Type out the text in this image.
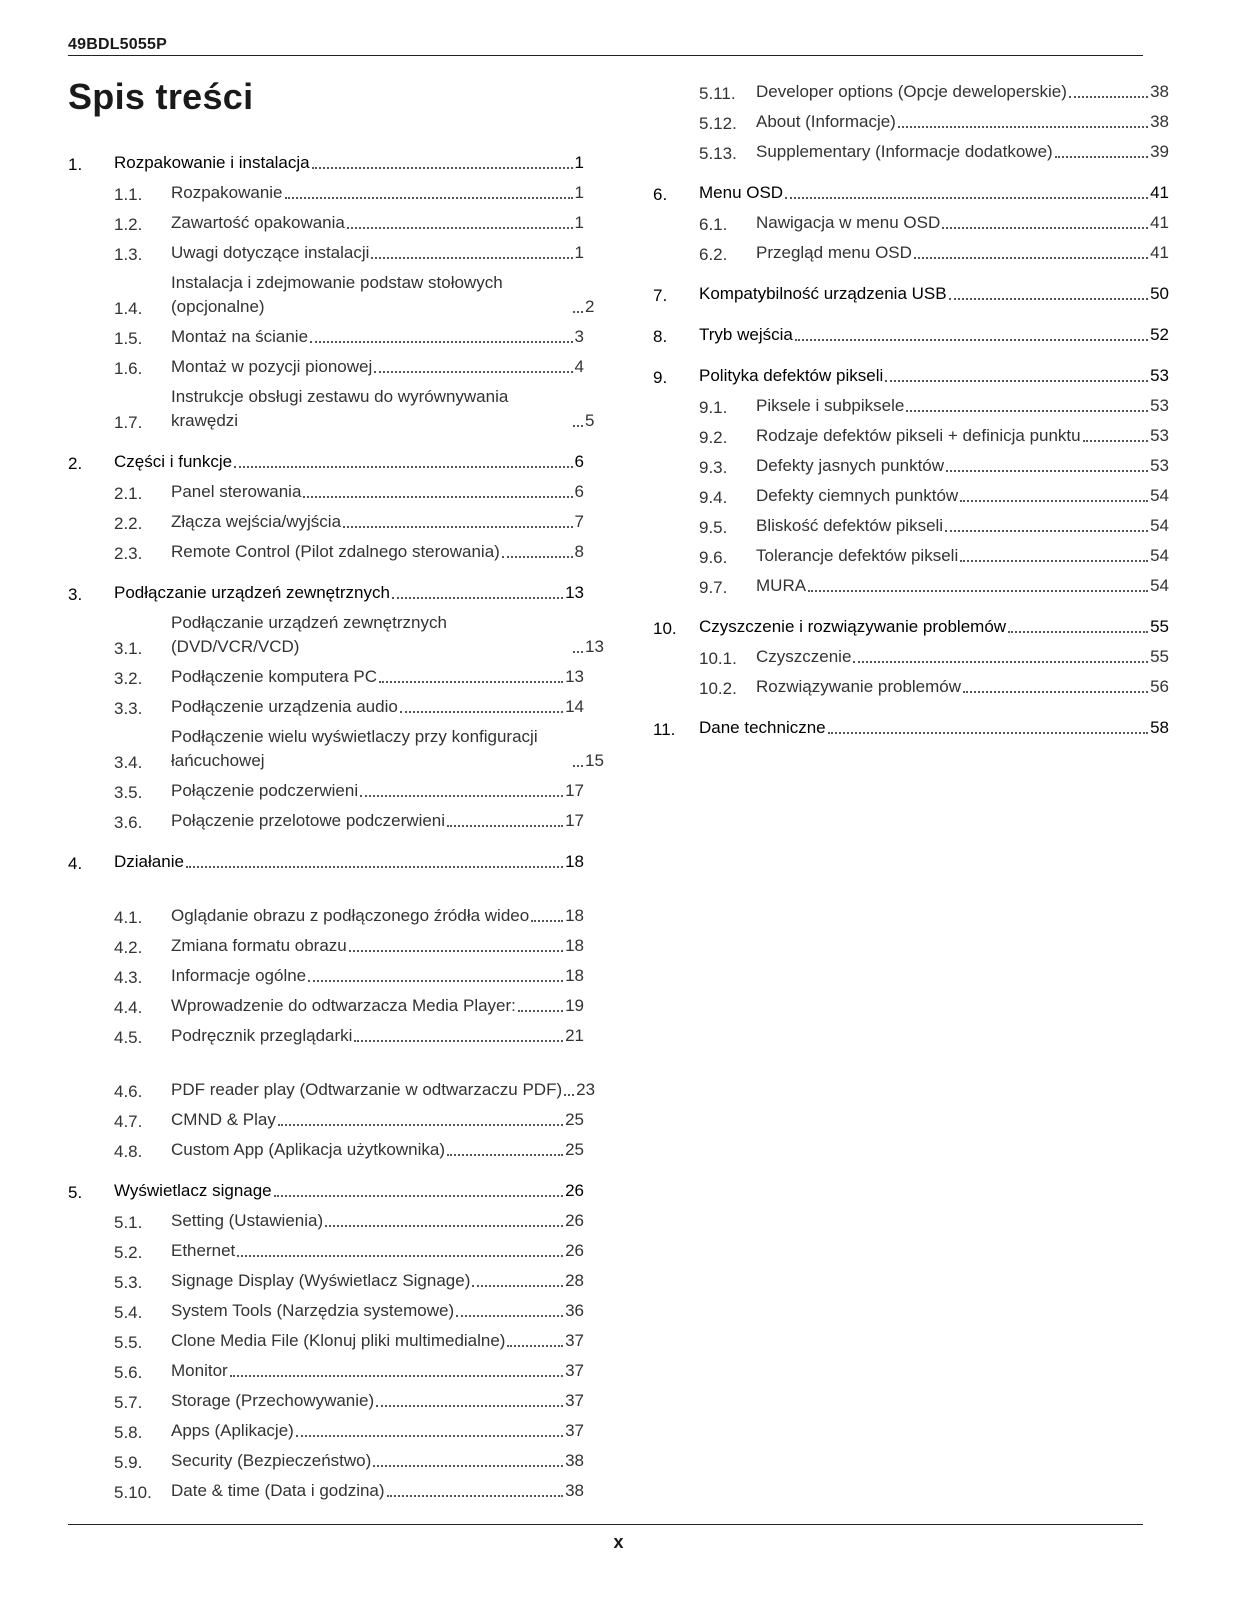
49BDL5055P
Spis treści
1.	Rozpakowanie i instalacja	1
1.1.	Rozpakowanie	1
1.2.	Zawartość opakowania	1
1.3.	Uwagi dotyczące instalacji	1
1.4.
Instalacja i zdejmowanie podstaw stołowych (opcjonalne)	2
1.5.	Montaż na ścianie	3
1.6.	Montaż w pozycji pionowej	4
1.7.
Instrukcje obsługi zestawu do wyrównywania krawędzi	5
2.	Części i funkcje	6
2.1.	Panel sterowania	6
2.2.	Złącza wejścia/wyjścia	7
2.3.	Remote Control (Pilot zdalnego sterowania)	8
3.	Podłączanie urządzeń zewnętrznych	13
3.1.
Podłączanie urządzeń zewnętrznych (DVD/VCR/VCD)	13
3.2.	Podłączenie komputera PC	13
3.3.	Podłączenie urządzenia audio	14
3.4.
Podłączenie wielu wyświetlaczy przy konfiguracji łańcuchowej	15
3.5.	Połączenie podczerwieni	17
3.6.	Połączenie przelotowe podczerwieni	17
4.	Działanie	18
4.1.	Oglądanie obrazu z podłączonego źródła wideo 18
4.2.	Zmiana formatu obrazu	18
4.3.	Informacje ogólne	18
4.4.	Wprowadzenie do odtwarzacza Media Player:	19
4.5.	Podręcznik przeglądarki	21
4.6.	PDF reader play (Odtwarzanie w odtwarzaczu PDF) 23
4.7.	CMND & Play	25
4.8.	Custom App (Aplikacja użytkownika)	25
5.	Wyświetlacz signage	26
5.1.	Setting (Ustawienia)	26
5.2.	Ethernet	26
5.3.	Signage Display (Wyświetlacz Signage)	28
5.4.	System Tools (Narzędzia systemowe)	36
5.5.	Clone Media File (Klonuj pliki multimedialne)	37
5.6.	Monitor	37
5.7.	Storage (Przechowywanie)	37
5.8.	Apps (Aplikacje)	37
5.9.	Security (Bezpieczeństwo)	38
5.10.	Date & time (Data i godzina)	38
5.11.	Developer options (Opcje deweloperskie)	38
5.12.	About (Informacje)	38
5.13.	Supplementary (Informacje dodatkowe)	39
6.	Menu OSD	41
6.1.	Nawigacja w menu OSD	41
6.2.	Przegląd menu OSD	41
7.	Kompatybilność urządzenia USB	50
8.	Tryb wejścia	52
9.	Polityka defektów pikseli	53
9.1.	Piksele i subpiksele	53
9.2.	Rodzaje defektów pikseli + definicja punktu	53
9.3.	Defekty jasnych punktów	53
9.4.	Defekty ciemnych punktów	54
9.5.	Bliskość defektów pikseli	54
9.6.	Tolerancje defektów pikseli	54
9.7.	MURA	54
10.	Czyszczenie i rozwiązywanie problemów	55
10.1.	Czyszczenie	55
10.2.	Rozwiązywanie problemów	56
11.	Dane techniczne	58
x
